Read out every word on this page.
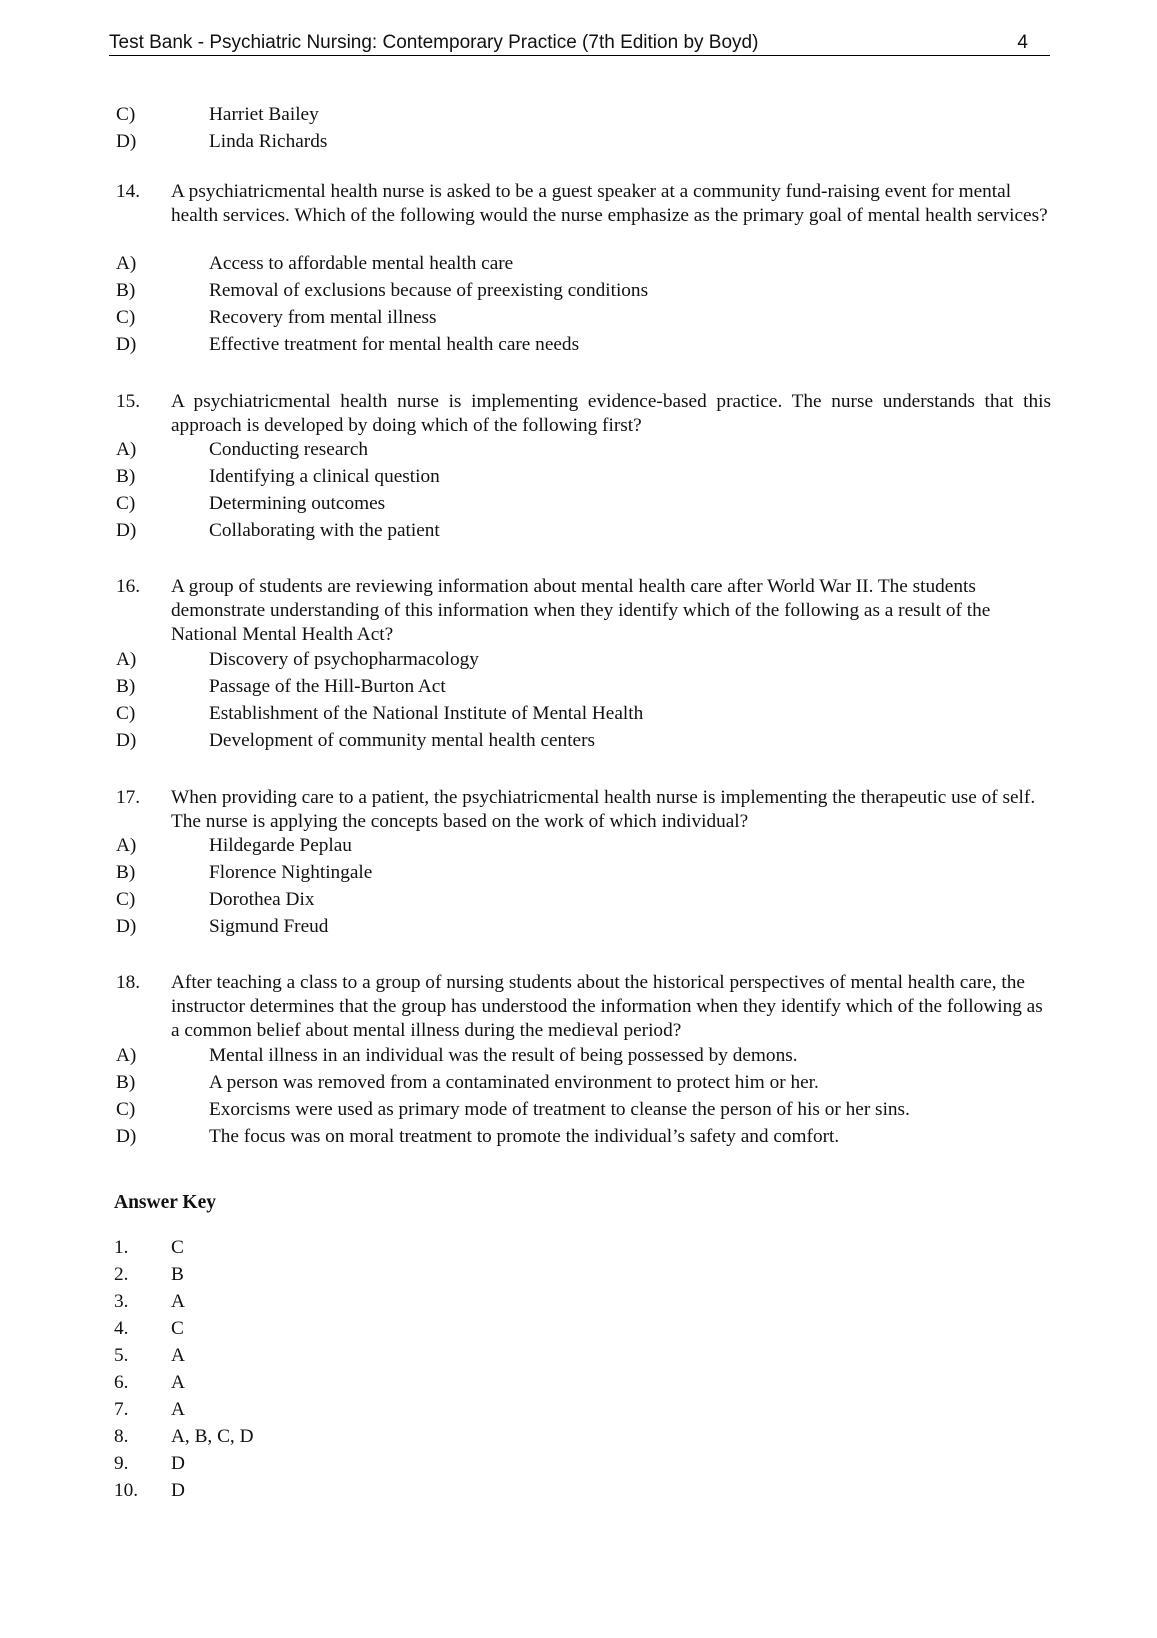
Test Bank - Psychiatric Nursing: Contemporary Practice (7th Edition by Boyd)	4
C)	Harriet Bailey
D)	Linda Richards
14. A psychiatricmental health nurse is asked to be a guest speaker at a community fund-raising event for mental health services. Which of the following would the nurse emphasize as the primary goal of mental health services?
A)	Access to affordable mental health care
B)	Removal of exclusions because of preexisting conditions
C)	Recovery from mental illness
D)	Effective treatment for mental health care needs
15. A psychiatricmental health nurse is implementing evidence-based practice. The nurse understands that this approach is developed by doing which of the following first?
A)	Conducting research
B)	Identifying a clinical question
C)	Determining outcomes
D)	Collaborating with the patient
16. A group of students are reviewing information about mental health care after World War II. The students demonstrate understanding of this information when they identify which of the following as a result of the National Mental Health Act?
A)	Discovery of psychopharmacology
B)	Passage of the Hill-Burton Act
C)	Establishment of the National Institute of Mental Health
D)	Development of community mental health centers
17. When providing care to a patient, the psychiatricmental health nurse is implementing the therapeutic use of self. The nurse is applying the concepts based on the work of which individual?
A)	Hildegarde Peplau
B)	Florence Nightingale
C)	Dorothea Dix
D)	Sigmund Freud
18. After teaching a class to a group of nursing students about the historical perspectives of mental health care, the instructor determines that the group has understood the information when they identify which of the following as a common belief about mental illness during the medieval period?
A)	Mental illness in an individual was the result of being possessed by demons.
B)	A person was removed from a contaminated environment to protect him or her.
C)	Exorcisms were used as primary mode of treatment to cleanse the person of his or her sins.
D)	The focus was on moral treatment to promote the individual’s safety and comfort.
Answer Key
1. C
2. B
3. A
4. C
5. A
6. A
7. A
8. A, B, C, D
9. D
10. D
